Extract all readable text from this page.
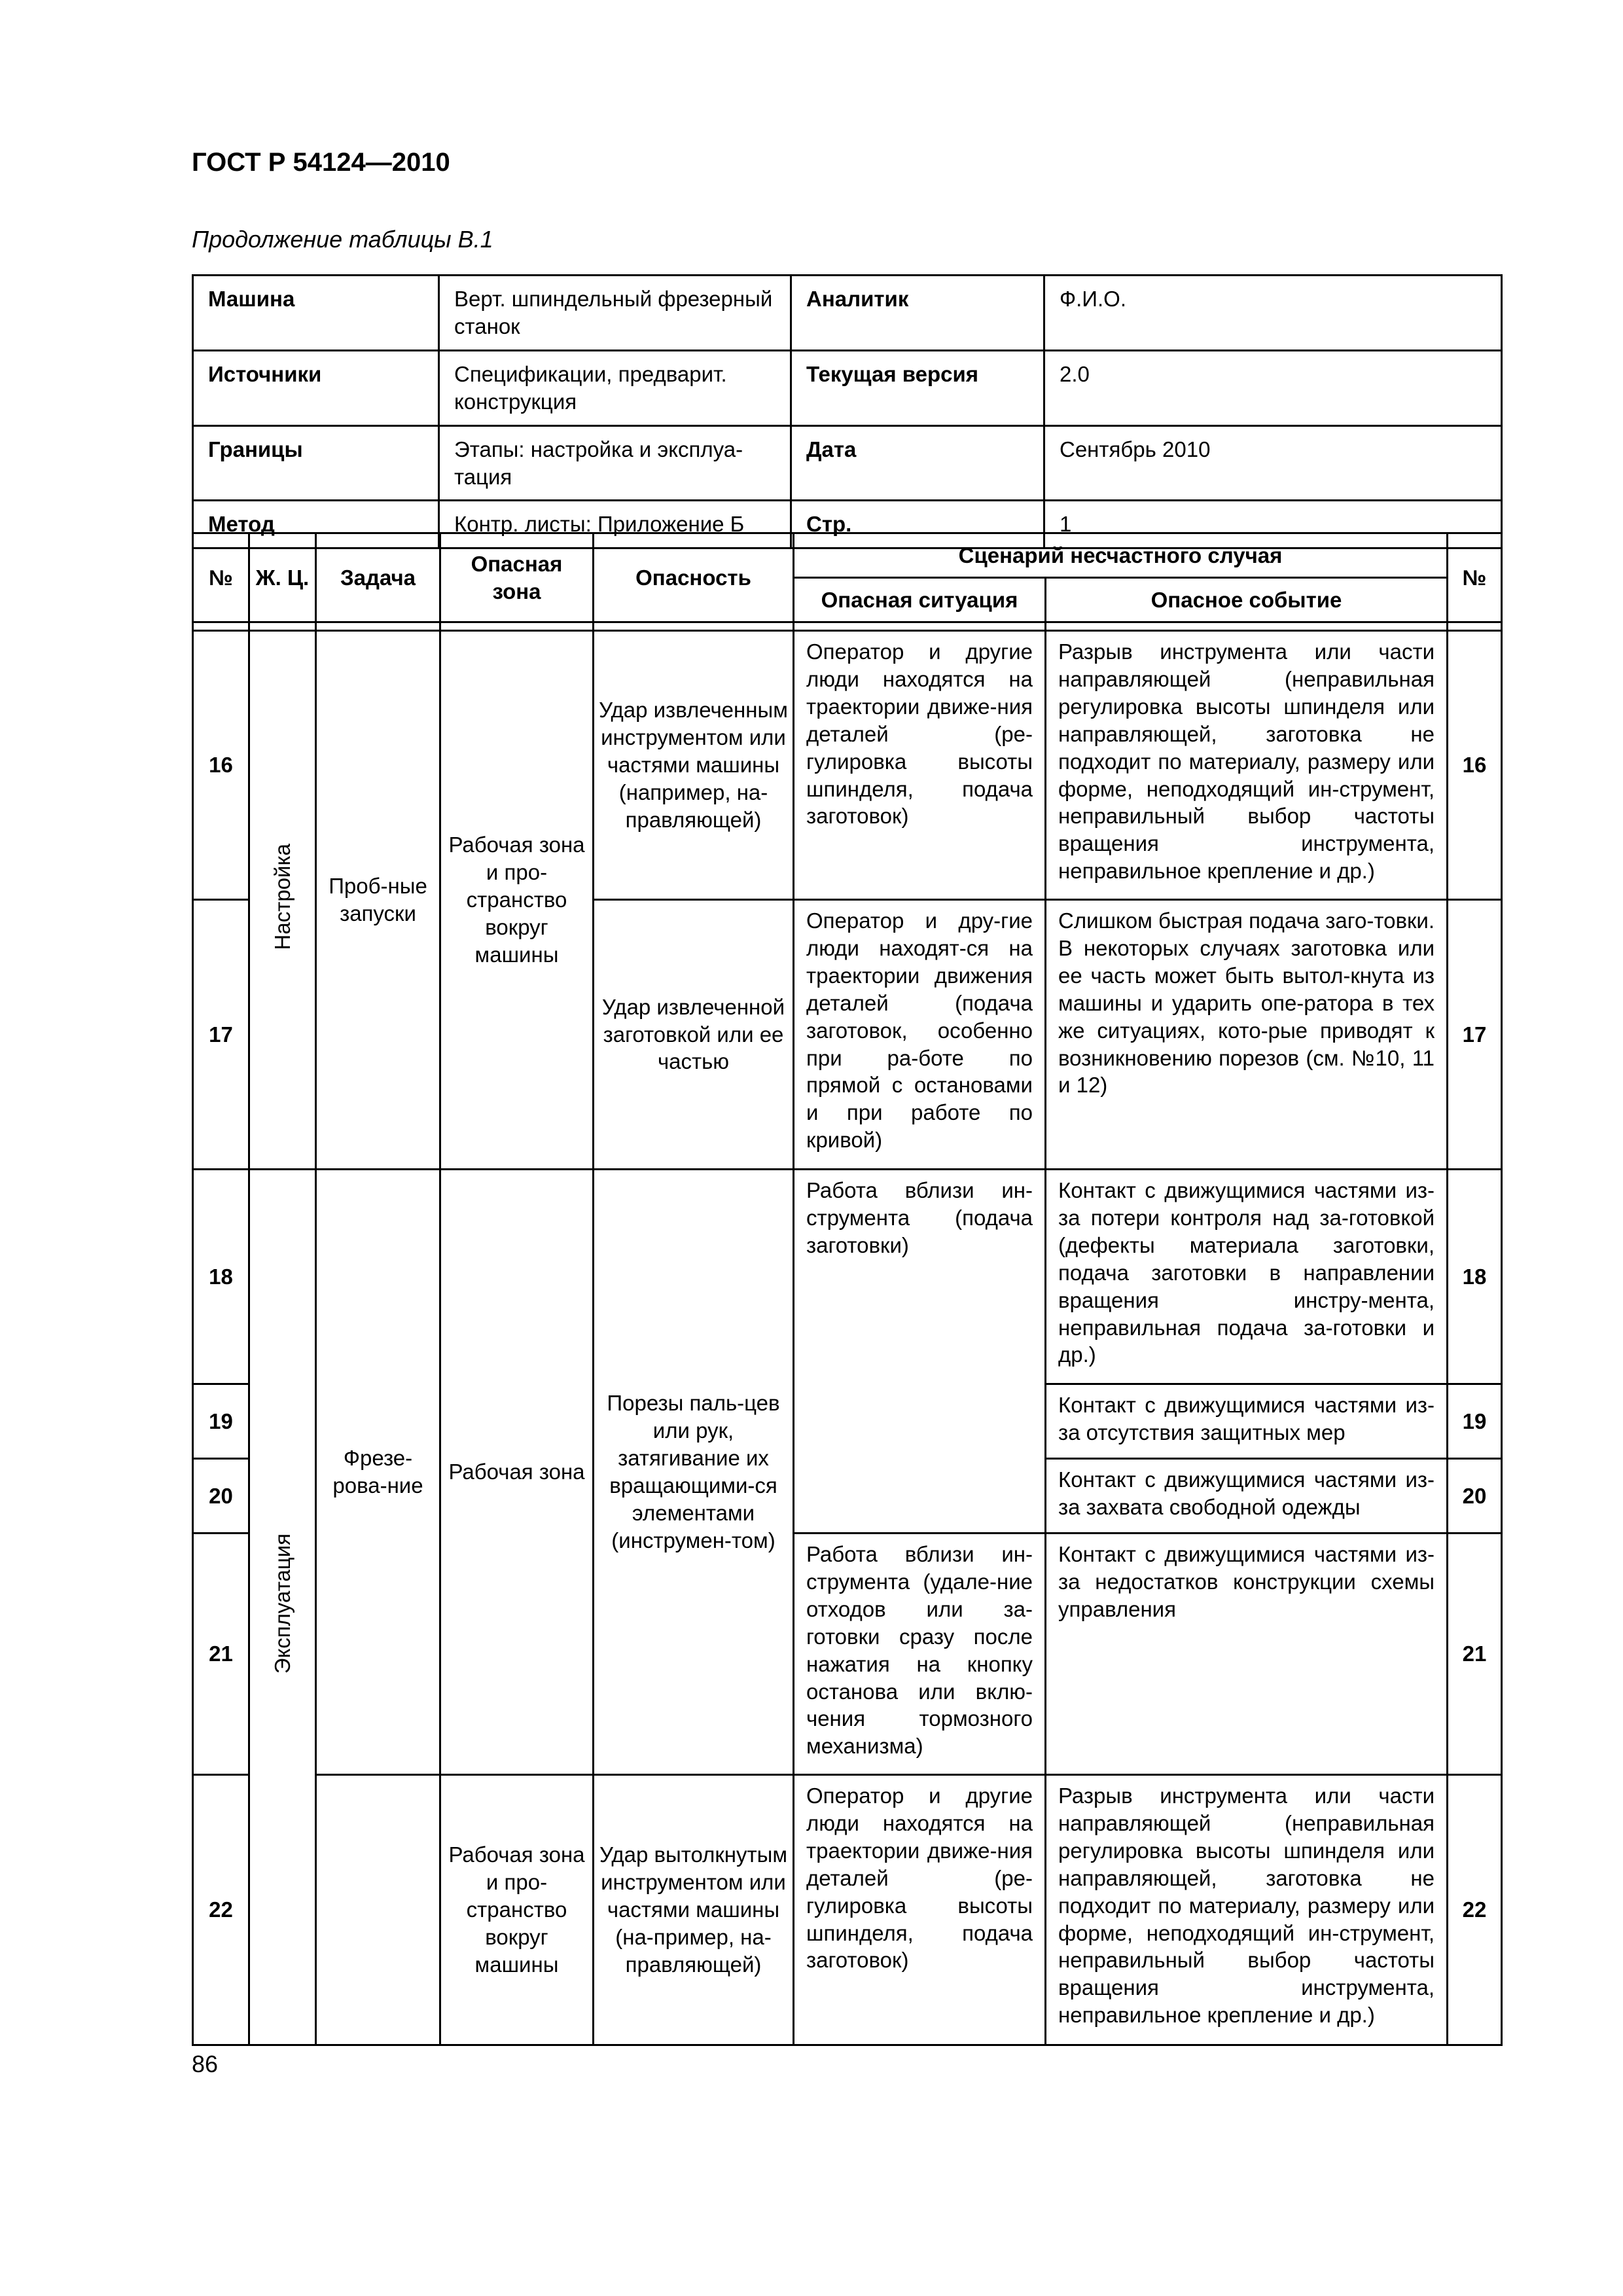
ГОСТ Р 54124—2010
Продолжение таблицы В.1
Машина	Верт. шпиндельный фрезерный станок	Аналитик	Ф.И.О.
Источники	Спецификации, предварит. конструкция	Текущая версия	2.0
Границы	Этапы: настройка и эксплуа-тация	Дата	Сентябрь 2010
Метод	Контр. листы: Приложение Б	Стр.	1
№	Ж. Ц.	Задача	Опасная зона	Опасность	Сценарий несчастного случая		№
					Опасная ситуация	Опасное событие	

16	Настройка	Проб-ные запуски	Рабочая зона и про-странство вокруг машины	Удар извлеченным инструментом или частями машины (например, на-правляющей)	Оператор и другие люди находятся на траектории движе-ния деталей (ре-гулировка высоты шпинделя, подача заготовок)	Разрыв инструмента или части направляющей (неправильная регулировка высоты шпинделя или направляющей, заготовка не подходит по материалу, размеру или форме, неподходящий ин-струмент, неправильный выбор частоты вращения инструмента, неправильное крепление и др.)	16
17				Удар извлеченной заготовкой или ее частью	Оператор и дру-гие люди находят-ся на траектории движения деталей (подача заготовок, особенно при ра-боте по прямой с остановами и при работе по кривой)	Слишком быстрая подача заго-товки. В некоторых случаях заготовка или ее часть может быть вытол-кнута из машины и ударить опе-ратора в тех же ситуациях, кото-рые приводят к возникновению порезов (см. №10, 11 и 12)	17
18	Эксплуатация	Фрезе-рова-ние	Рабочая зона	Порезы паль-цев или рук, затягивание их вращающими-ся элементами (инструмен-том)	Работа вблизи ин-струмента (подача заготовки)	Контакт с движущимися частями из-за потери контроля над за-готовкой (дефекты материала заготовки, подача заготовки в направлении вращения инстру-мента, неправильная подача за-готовки и др.)	18
19						Контакт с движущимися частями из-за отсутствия защитных мер	19
20						Контакт с движущимися частями из-за захвата свободной одежды	20
21					Работа вблизи ин-струмента (удале-ние отходов или за-готовки сразу после нажатия на кнопку останова или вклю-чения тормозного механизма)	Контакт с движущимися частями из-за недостатков конструкции схемы управления	21
22			Рабочая зона и про-странство вокруг машины	Удар вытолкнутым инструментом или частями машины (на-пример, на-правляющей)	Оператор и другие люди находятся на траектории движе-ния деталей (ре-гулировка высоты шпинделя, подача заготовок)	Разрыв инструмента или части направляющей (неправильная регулировка высоты шпинделя или направляющей, заготовка не подходит по материалу, размеру или форме, неподходящий ин-струмент, неправильный выбор частоты вращения инструмента, неправильное крепление и др.)	22
86
